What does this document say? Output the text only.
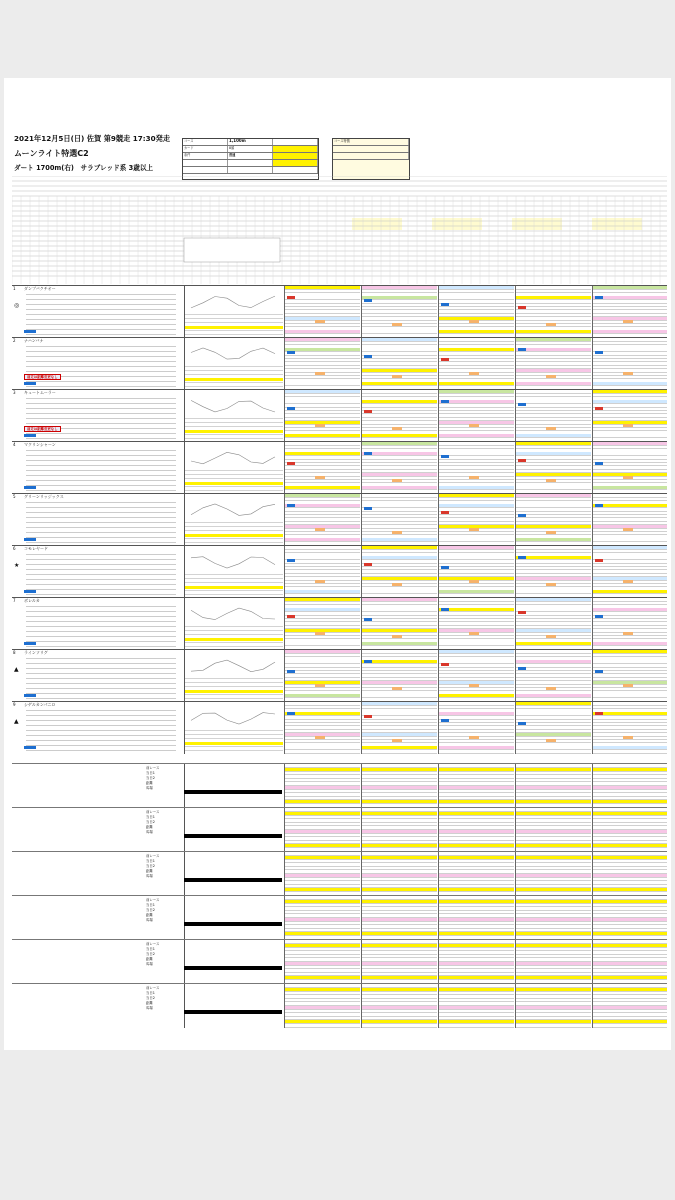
2021年12月5日(日) 佐賀 第9競走 17:30発走
ムーンライト特選C2
ダート 1700m(右)　サラブレッド系 3歳以上
コース	1,100m
カード	8頭
条件	普通
コース特徴
1 ダンプバクチオー
◎
2 ナハンバナ
前走は距離変更なし
3 キュートムーラー
前走は距離変更なし
4 マクリンシャーン
5 グリーンリッジックス
6 コモレヤード
★
7 ボレルカ
8 ラインソリグ
▲
9 シゲルカンパニロ
▲
前レース
当日1
当日2
距離
馬場
前レース
当日1
当日2
距離
馬場
前レース
当日1
当日2
距離
馬場
前レース
当日1
当日2
距離
馬場
前レース
当日1
当日2
距離
馬場
前レース
当日1
当日2
距離
馬場
